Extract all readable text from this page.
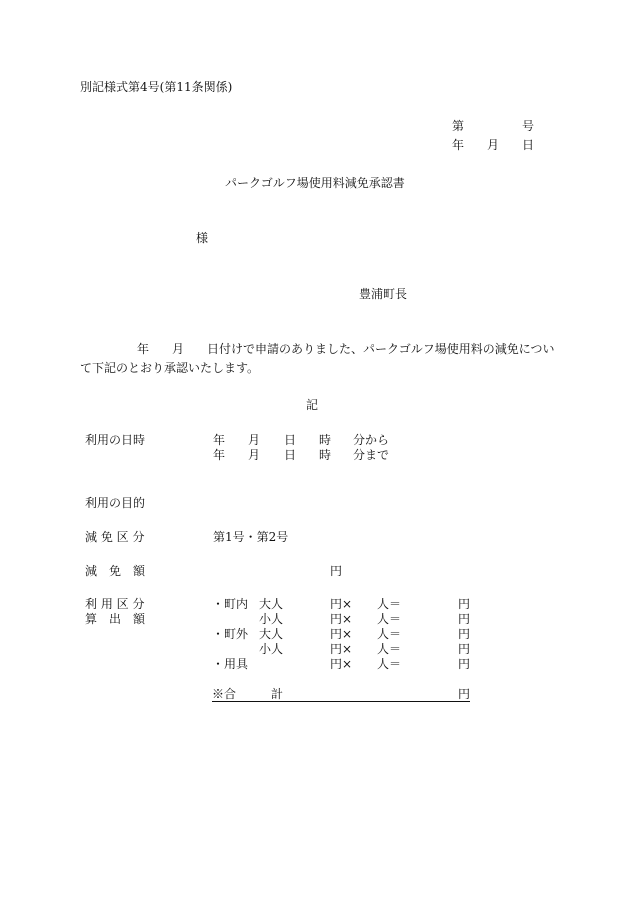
別記様式第4号(第11条関係)
第	号
年 月 日
パークゴルフ場使用料減免承認書
様
豊浦町長
年 月 日付けで申請のありました、パークゴルフ場使用料の減免につい
て下記のとおり承認いたします。
記
利用の日時	年 月 日 時 分から
年 月 日 時 分まで
利用の目的
減 免 区 分	第1号・第2号
減　免　額	円
利 用 区 分
算　出　額
・町内 大人	円× 人＝	円
小人	円× 人＝	円
・町外 大人	円× 人＝	円
小人	円× 人＝	円
・用具	円× 人＝	円
※合	計	円
